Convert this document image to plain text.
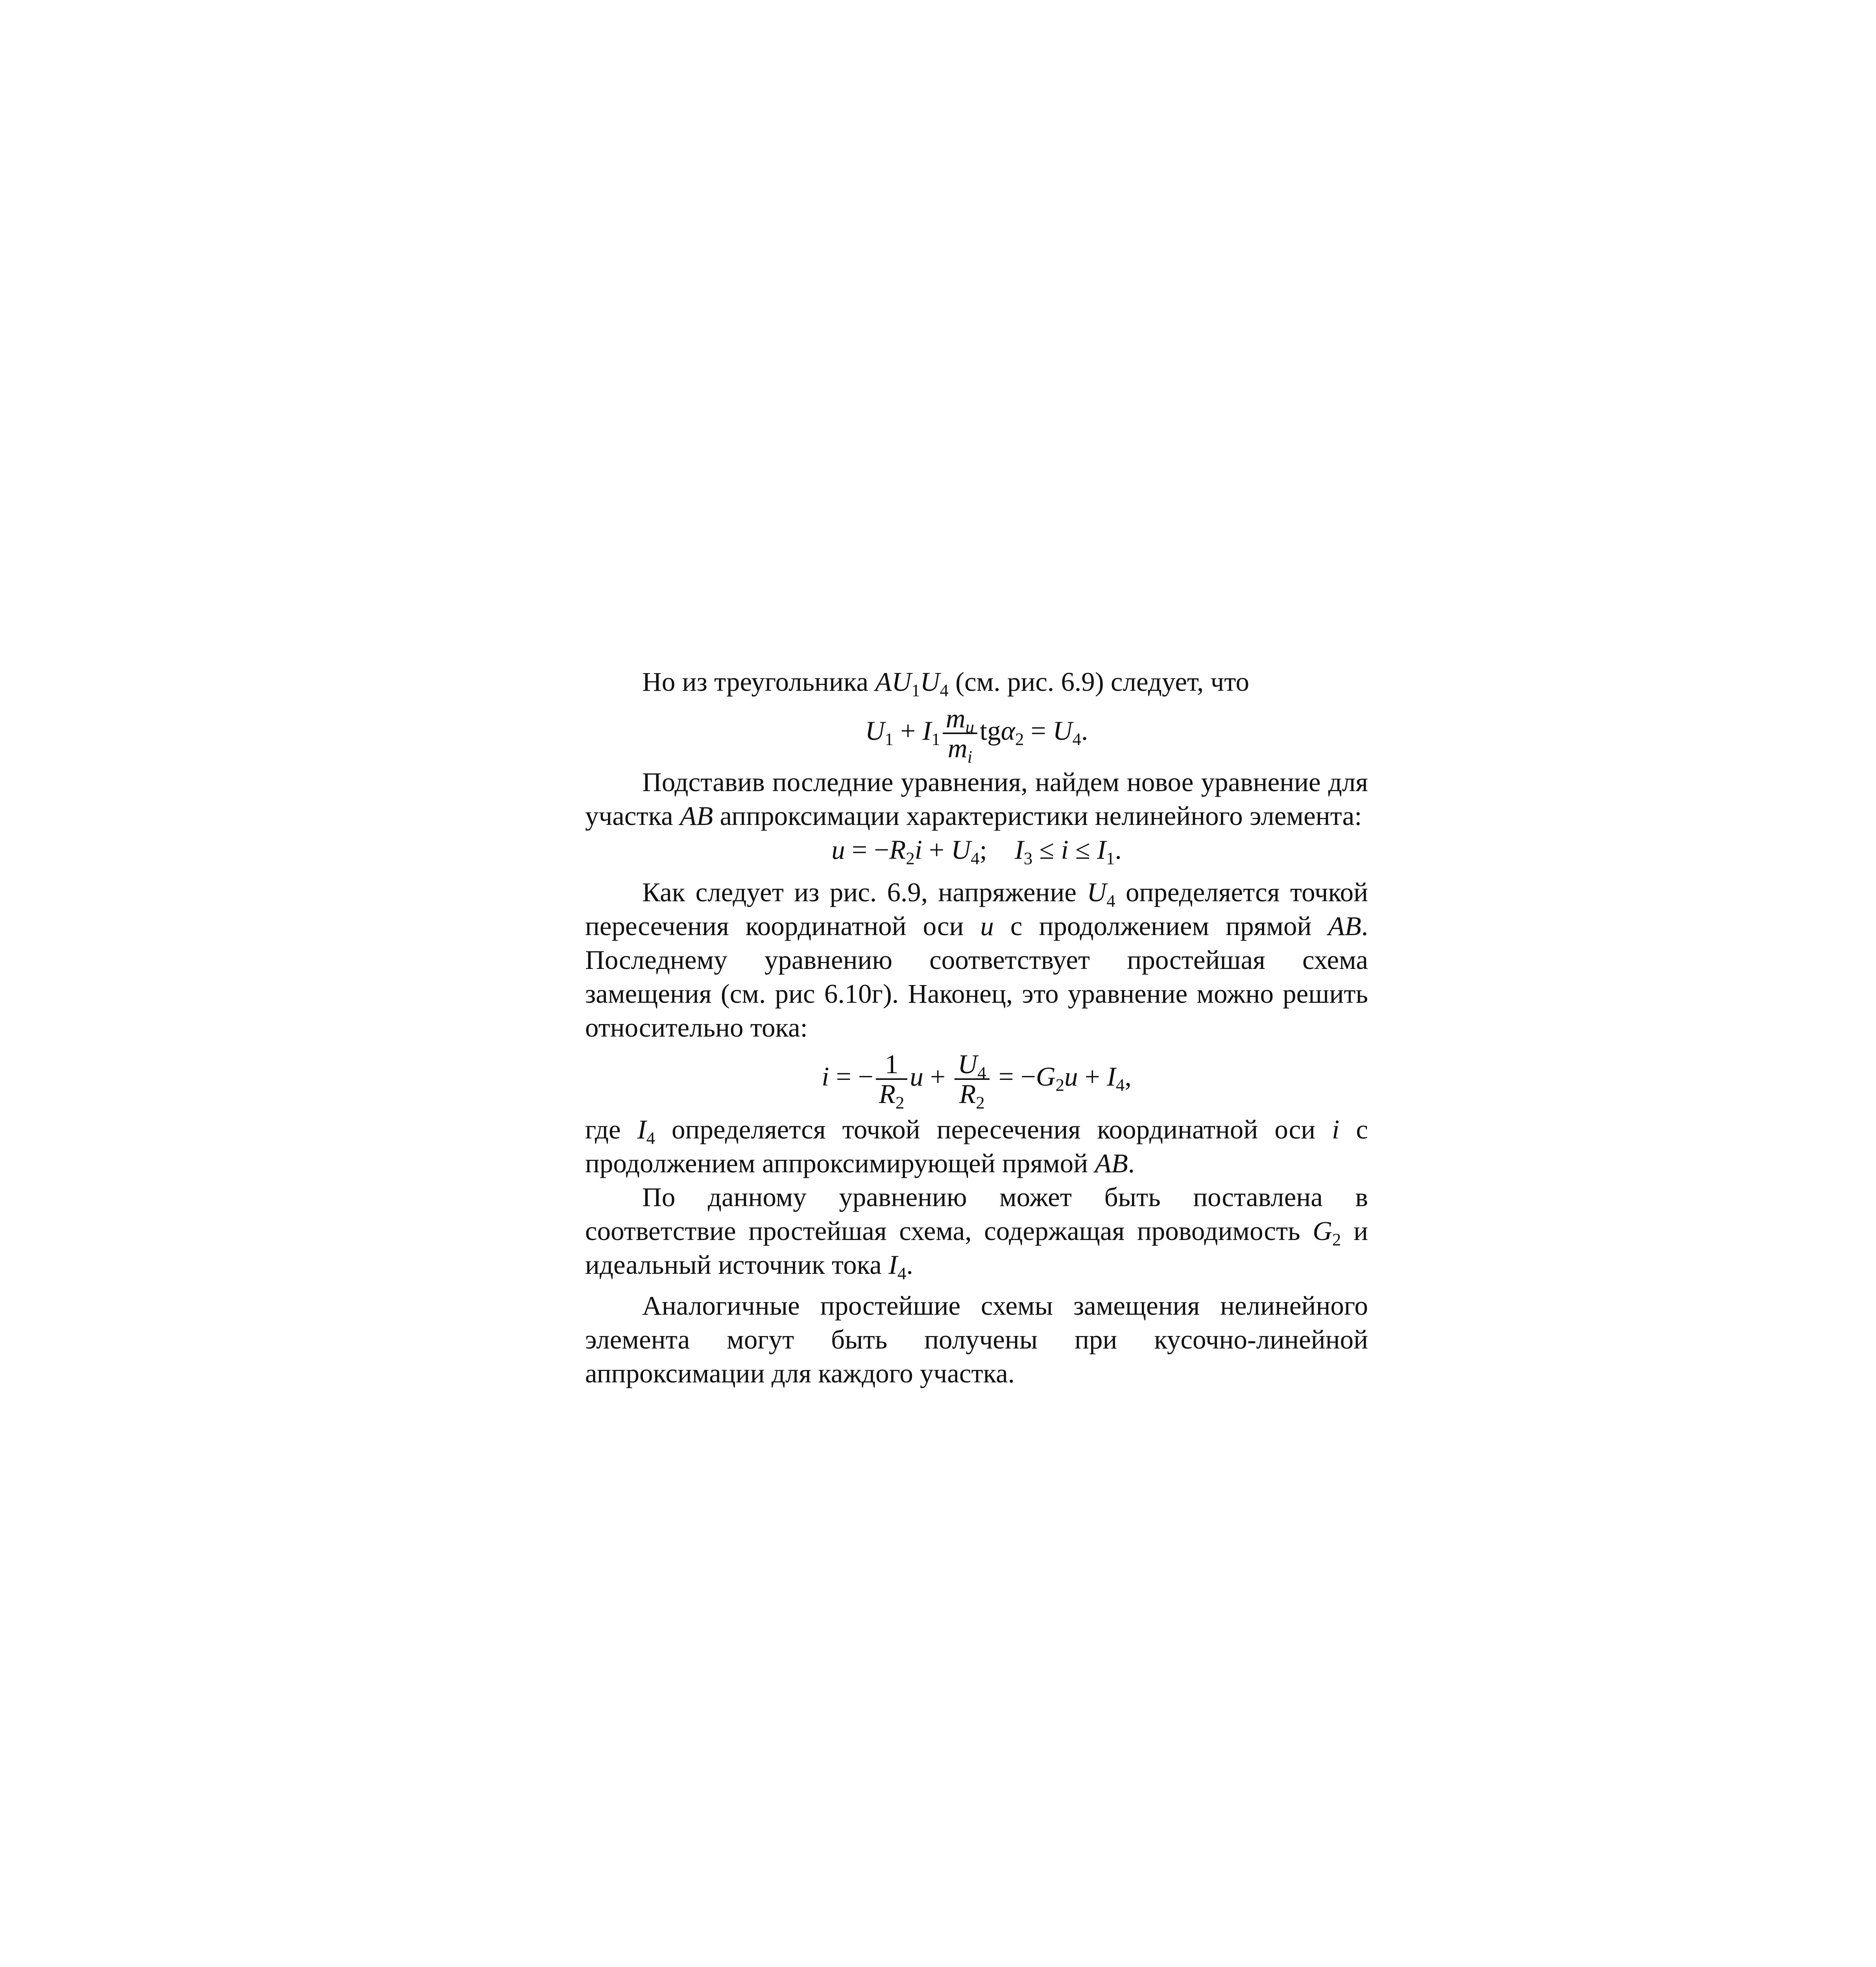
Но из треугольника $AU_1U_4$ (см. рис. 6.9) следует, что

$U_1 + I_1 \frac{m_u}{m_i} tg\alpha_2 = U_4$.

Подставив последние уравнения, найдем новое уравнение для участка AB аппроксимации характеристики нелинейного элемента:

$u = -R_2i + U_4$; $I_3 \le i \le I_1$.

Как следует из рис. 6.9, напряжение $U_4$ определяется точкой пересечения координатной оси u с продолжением прямой AB. Последнему уравнению соответствует простейшая схема замещения (см. рис 6.10г). Наконец, это уравнение можно решить относительно тока:

i = − $\frac{1}{R_2}$ $u + \frac{U_4}{R_2} = -G_2u + I_4$,

где $I_4$ определяется точкой пересечения координатной оси i с продолжением аппроксимирующей прямой AB.

По данному уравнению может быть поставлена в соответствие простейшая схема, содержащая проводимость $G_2$ и идеальный источник тока $I_4$.

Аналогичные простейшие схемы замещения нелинейного элемента могут быть получены при кусочно-линейной аппроксимации для каждого участка.
